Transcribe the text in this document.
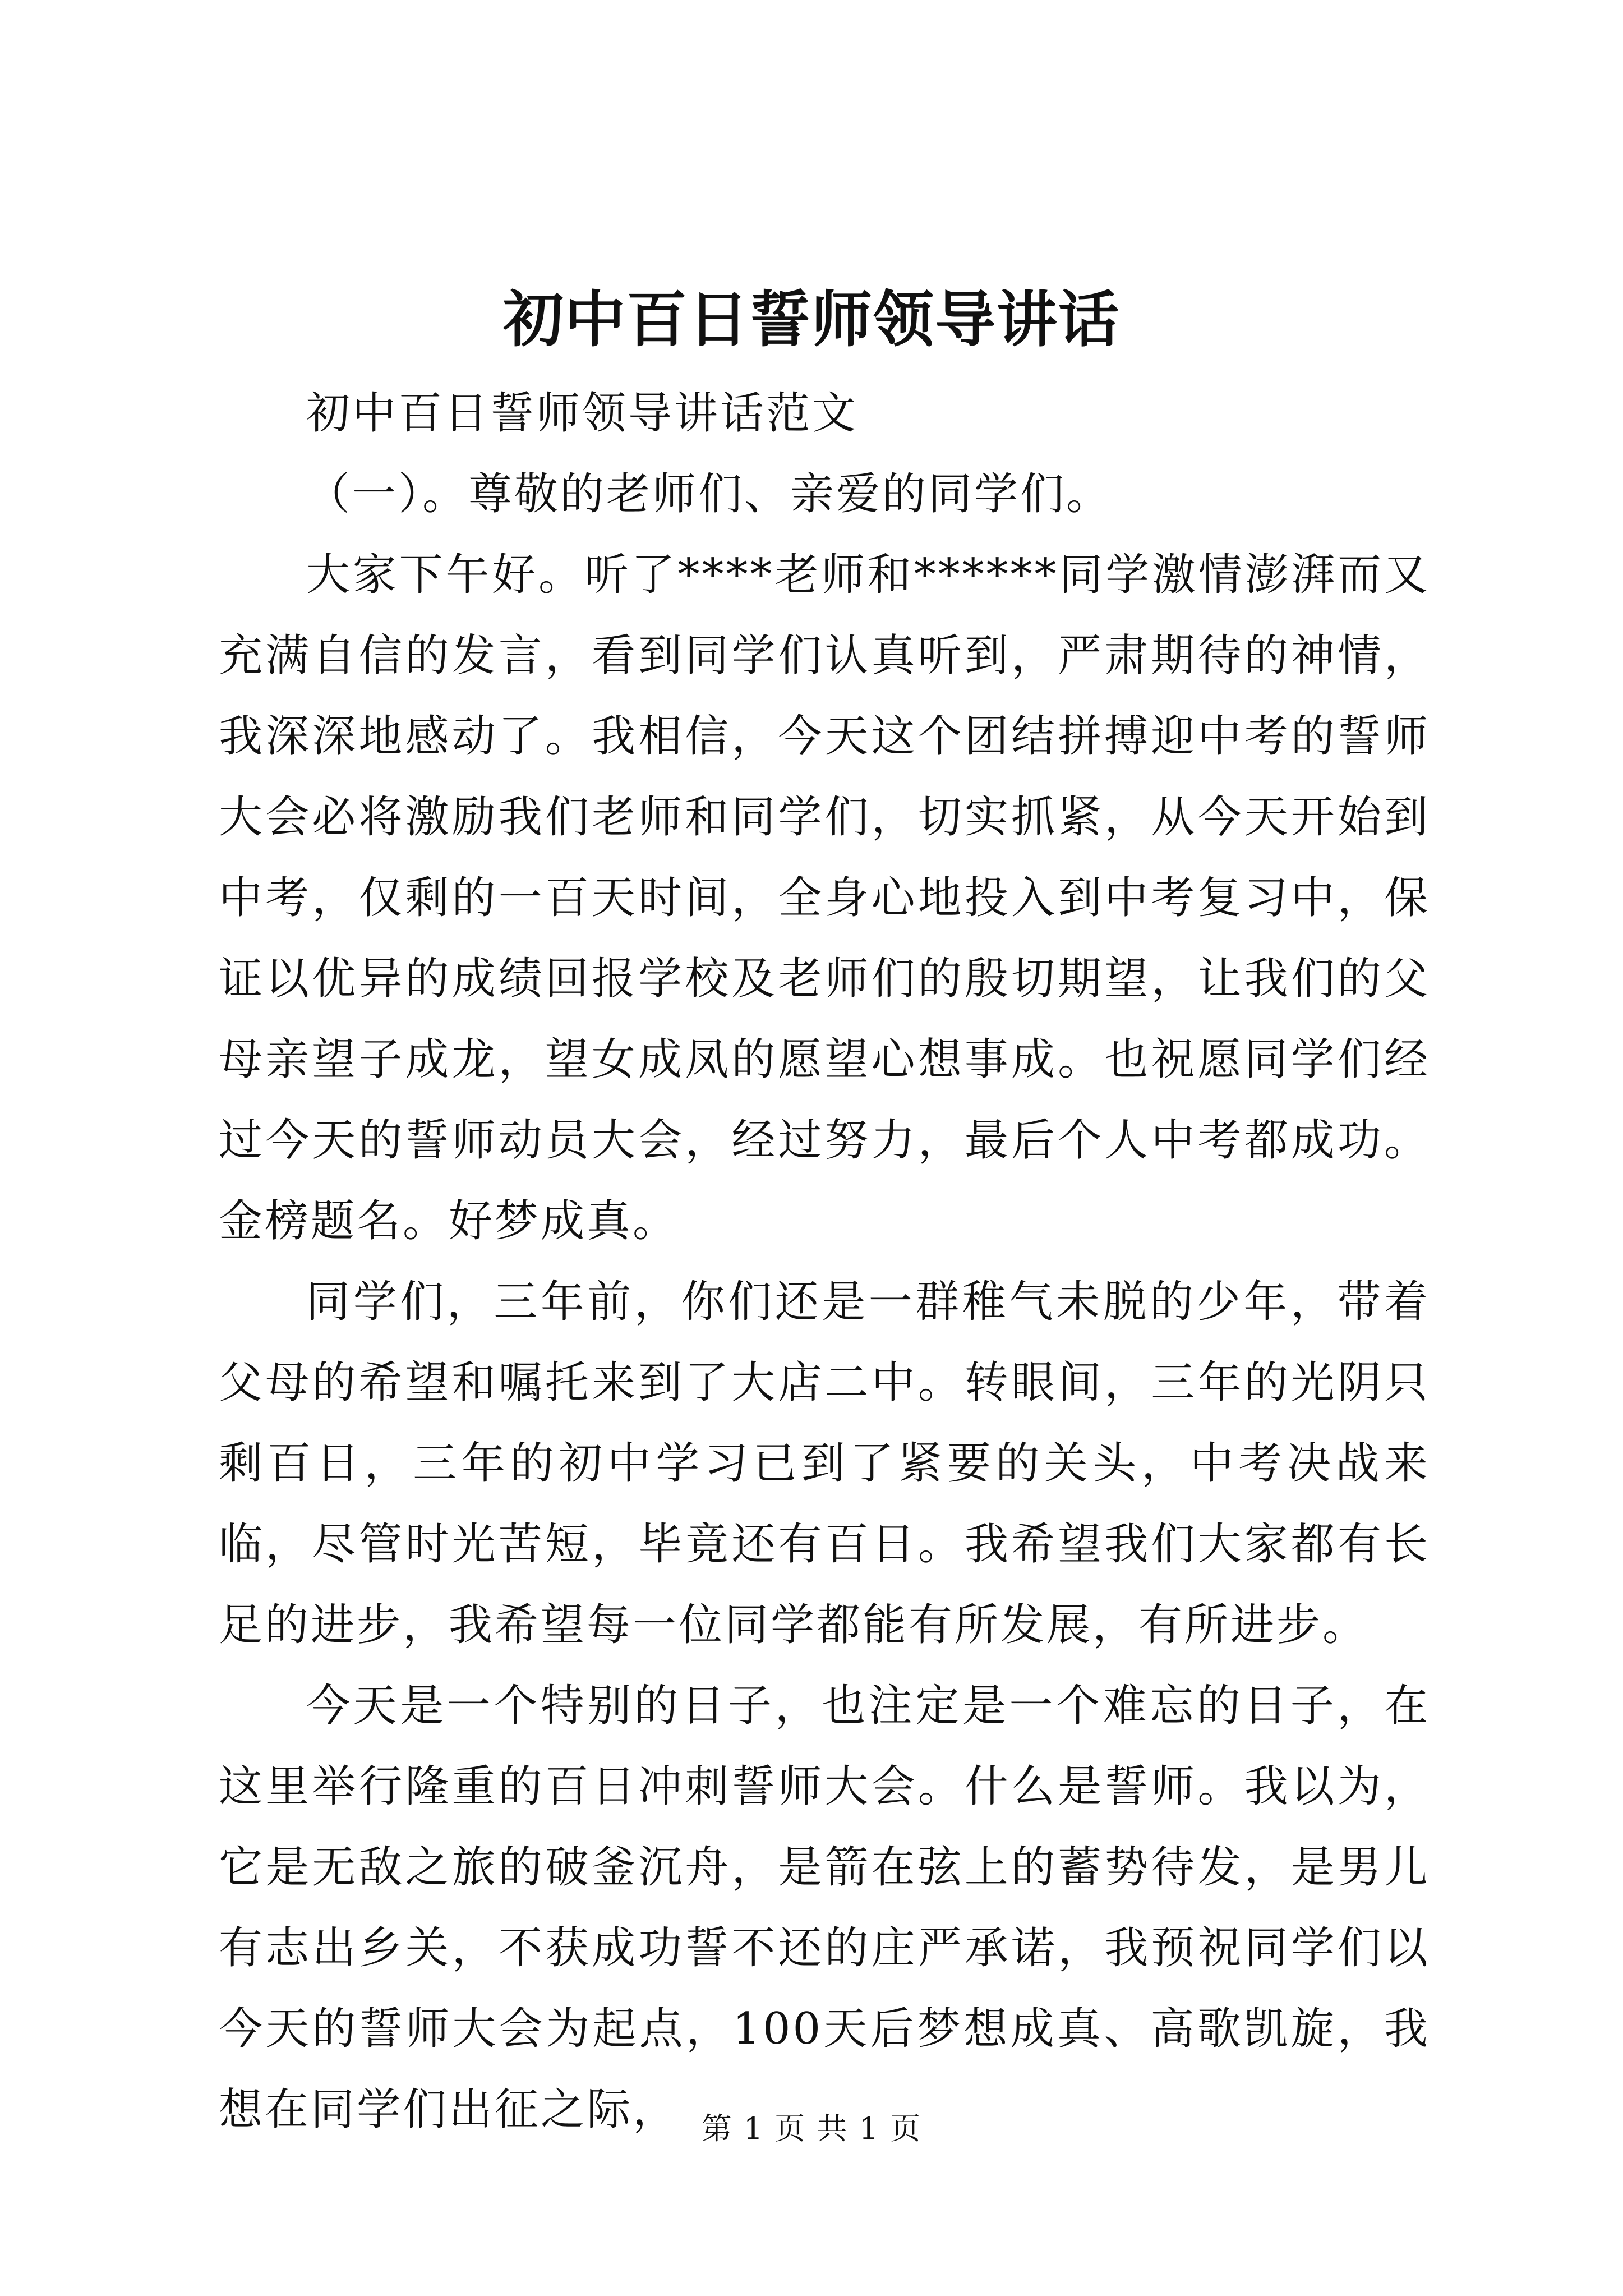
初中百日誓师领导讲话

初中百日誓师领导讲话范文

（一）。尊敬的老师们、亲爱的同学们。

大家下午好。听了****老师和******同学激情澎湃而又充满自信的发言，看到同学们认真听到，严肃期待的神情，我深深地感动了。我相信，今天这个团结拼搏迎中考的誓师大会必将激励我们老师和同学们，切实抓紧，从今天开始到中考，仅剩的一百天时间，全身心地投入到中考复习中，保证以优异的成绩回报学校及老师们的殷切期望，让我们的父母亲望子成龙，望女成凤的愿望心想事成。也祝愿同学们经过今天的誓师动员大会，经过努力，最后个人中考都成功。金榜题名。好梦成真。

同学们，三年前，你们还是一群稚气未脱的少年，带着父母的希望和嘱托来到了大店二中。转眼间，三年的光阴只剩百日，三年的初中学习已到了紧要的关头，中考决战来临，尽管时光苦短，毕竟还有百日。我希望我们大家都有长足的进步，我希望每一位同学都能有所发展，有所进步。

今天是一个特别的日子，也注定是一个难忘的日子，在这里举行隆重的百日冲刺誓师大会。什么是誓师。我以为，它是无敌之旅的破釜沉舟，是箭在弦上的蓄势待发，是男儿有志出乡关，不获成功誓不还的庄严承诺，我预祝同学们以今天的誓师大会为起点，100天后梦想成真、高歌凯旋，我想在同学们出征之际， 第 1 页 共 1 页
